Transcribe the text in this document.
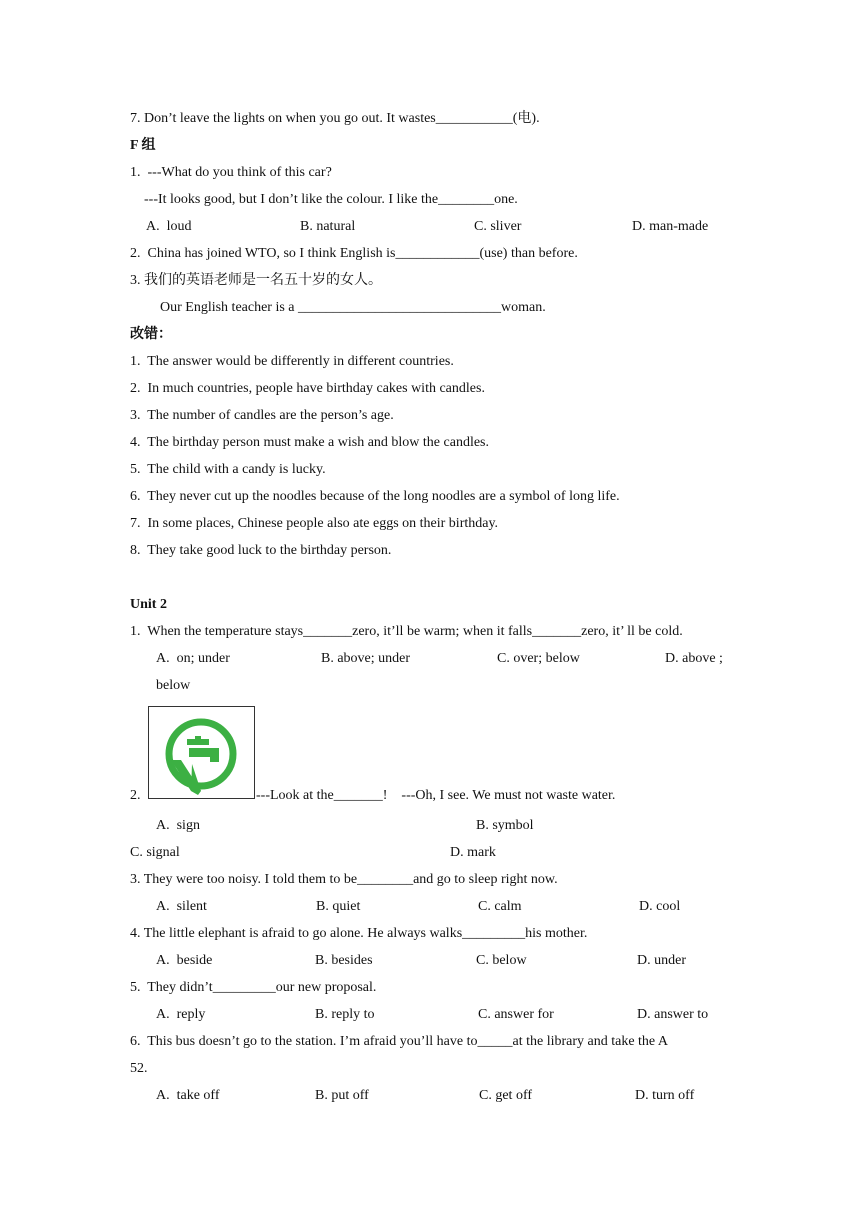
7. Don’t leave the lights on when you go out. It wastes___________(电).
F 组
1.  ---What do you think of this car?
---It looks good, but I don’t like the colour. I like the________one.
A.  loud	B. natural	C. sliver	D. man-made
2.  China has joined WTO, so I think English is____________(use) than before.
3. 我们的英语老师是一名五十岁的女人。
Our English teacher is a _____________________________woman.
改错：
1.  The answer would be differently in different countries.
2.  In much countries, people have birthday cakes with candles.
3.  The number of candles are the person’s age.
4.  The birthday person must make a wish and blow the candles.
5.  The child with a candy is lucky.
6.  They never cut up the noodles because of the long noodles are a symbol of long life.
7.  In some places, Chinese people also ate eggs on their birthday.
8.  They take good luck to the birthday person.
Unit 2
1.  When the temperature stays_______zero, it’ll be warm; when it falls_______zero, it’ ll be cold.
A.  on; under	B. above; under	C. over; below	D. above ;
below
2.	---Look at the_______!    ---Oh, I see. We must not waste water.
A.  sign	B. symbol
C. signal	D. mark
3. They were too noisy. I told them to be________and go to sleep right now.
A.  silent	B. quiet	C. calm	D. cool
4. The little elephant is afraid to go alone. He always walks_________his mother.
A.  beside	B. besides	C. below	D. under
5.  They didn’t_________our new proposal.
A.  reply	B. reply to	C. answer for	D. answer to
6.  This bus doesn’t go to the station. I’m afraid you’ll have to_____at the library and take the A
52.
A.  take off	B. put off	C. get off	D. turn off
